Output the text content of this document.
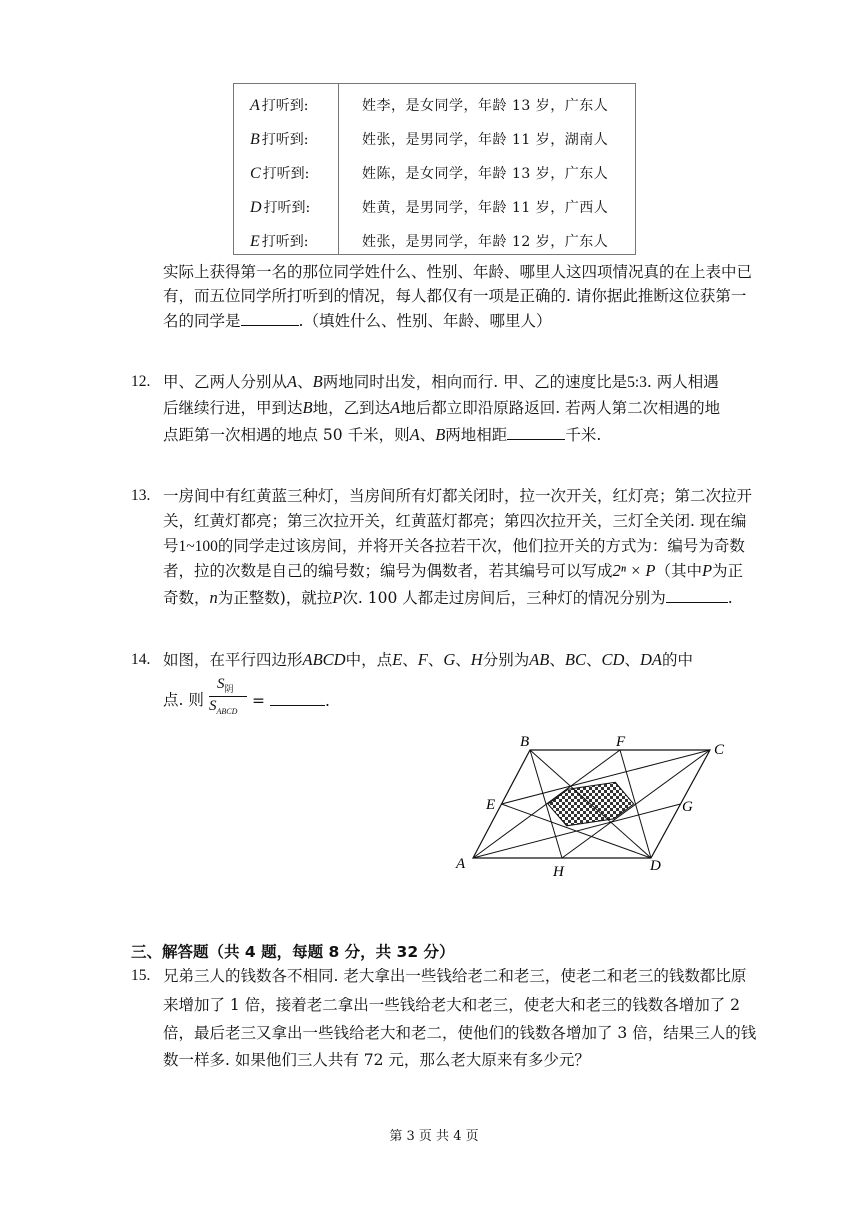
A 打听到:	姓李，是女同学，年龄 13 岁，广东人
B 打听到:	姓张，是男同学，年龄 11 岁，湖南人
C 打听到:	姓陈，是女同学，年龄 13 岁，广东人
D 打听到:	姓黄，是男同学，年龄 11 岁，广西人
E 打听到:	姓张，是男同学，年龄 12 岁，广东人
实际上获得第一名的那位同学姓什么、性别、年龄、哪里人这四项情况真的在上表中已
有，而五位同学所打听到的情况，每人都仅有一项是正确的. 请你据此推断这位获第一
名的同学是	.（填姓什么、性别、年龄、哪里人）
12. 甲、乙两人分别从A、B两地同时出发，相向而行. 甲、乙的速度比是5:3. 两人相遇
后继续行进，甲到达B地，乙到达A地后都立即沿原路返回. 若两人第二次相遇的地
点距第一次相遇的地点 50 千米，则A、B两地相距	千米.
13. 一房间中有红黄蓝三种灯，当房间所有灯都关闭时，拉一次开关，红灯亮；第二次拉开
关，红黄灯都亮；第三次拉开关，红黄蓝灯都亮；第四次拉开关，三灯全关闭. 现在编
号1~100的同学走过该房间，并将开关各拉若干次，他们拉开关的方式为：编号为奇数
者，拉的次数是自己的编号数；编号为偶数者，若其编号可以写成2ⁿ × P（其中P为正
奇数，n为正整数)，就拉P次. 100 人都走过房间后，三种灯的情况分别为	.
14. 如图，在平行四边形ABCD中，点E、F、G、H分别为AB、BC、CD、DA的中
点. 则
$S_阴$
$S_{ABCD}$
=	.
A
B	C
D
E
F
G
H
三、解答题（共 4 题，每题 8 分，共 32 分）
15. 兄弟三人的钱数各不相同. 老大拿出一些钱给老二和老三，使老二和老三的钱数都比原
来增加了 1 倍，接着老二拿出一些钱给老大和老三，使老大和老三的钱数各增加了 2
倍，最后老三又拿出一些钱给老大和老二，使他们的钱数各增加了 3 倍，结果三人的钱
数一样多. 如果他们三人共有 72 元，那么老大原来有多少元？
第 3 页 共 4 页
